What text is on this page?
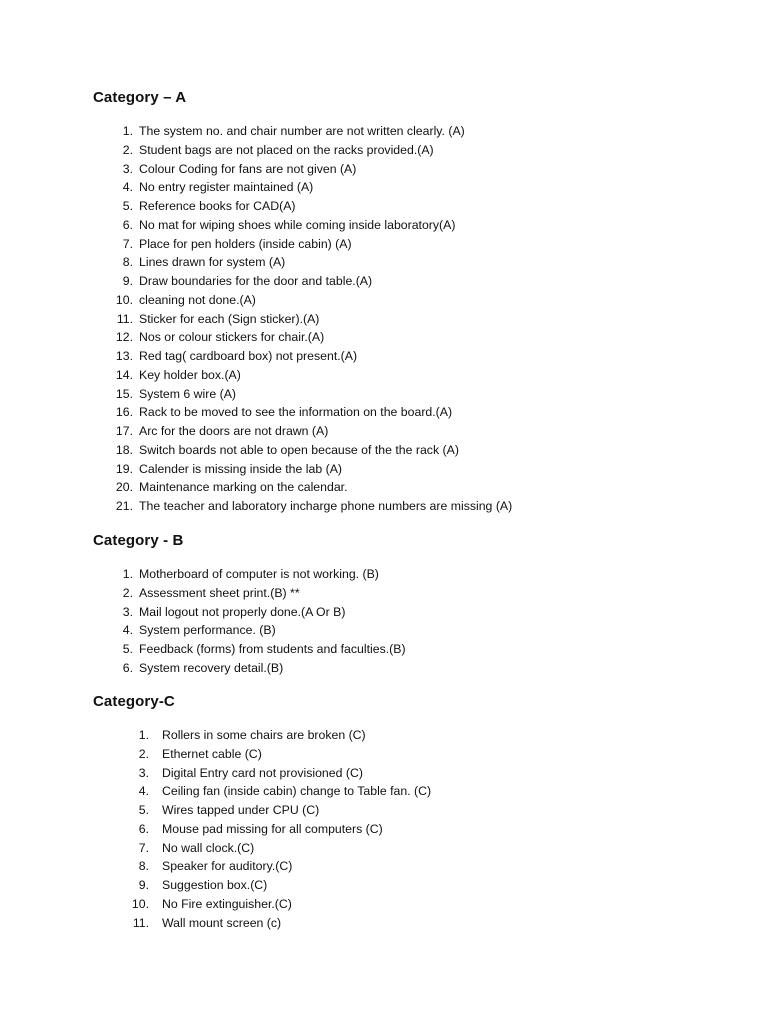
Category – A
1. The system no. and chair number are not written clearly. (A)
2. Student bags are not placed on the racks provided.(A)
3. Colour Coding for fans are not given (A)
4. No entry register maintained (A)
5. Reference books for CAD(A)
6. No mat for wiping shoes while coming inside laboratory(A)
7. Place for pen holders (inside cabin) (A)
8. Lines drawn for system (A)
9. Draw boundaries for the door and table.(A)
10. cleaning not done.(A)
11. Sticker for each (Sign sticker).(A)
12. Nos or colour stickers for chair.(A)
13. Red tag( cardboard box) not present.(A)
14. Key holder box.(A)
15. System 6 wire (A)
16. Rack to be moved to see the information on the board.(A)
17. Arc for the doors are not drawn (A)
18. Switch boards not able to open because of the the rack (A)
19. Calender is missing inside the lab (A)
20. Maintenance marking on the calendar.
21. The teacher and laboratory incharge phone numbers are missing (A)
Category - B
1. Motherboard of computer is not working. (B)
2. Assessment sheet print.(B) **
3. Mail logout not properly done.(A Or B)
4. System performance. (B)
5. Feedback (forms) from students and faculties.(B)
6. System recovery detail.(B)
Category-C
1. Rollers in some chairs are broken (C)
2. Ethernet cable (C)
3. Digital Entry card not provisioned (C)
4. Ceiling fan (inside cabin) change to Table fan. (C)
5. Wires tapped under CPU (C)
6. Mouse pad missing for all computers (C)
7. No wall clock.(C)
8. Speaker for auditory.(C)
9. Suggestion box.(C)
10. No Fire extinguisher.(C)
11. Wall mount screen (c)
